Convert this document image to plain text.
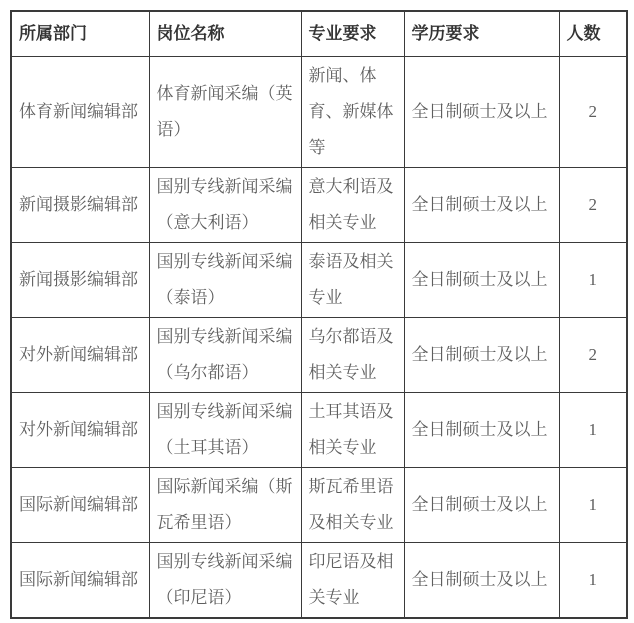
所属部门	岗位名称	专业要求	学历要求	人数
体育新闻编辑部	体育新闻采编（英语）	新闻、体育、新媒体等	全日制硕士及以上	2
新闻摄影编辑部	国别专线新闻采编（意大利语）	意大利语及相关专业	全日制硕士及以上	2
新闻摄影编辑部	国别专线新闻采编（泰语）	泰语及相关专业	全日制硕士及以上	1
对外新闻编辑部	国别专线新闻采编（乌尔都语）	乌尔都语及相关专业	全日制硕士及以上	2
对外新闻编辑部	国别专线新闻采编（土耳其语）	土耳其语及相关专业	全日制硕士及以上	1
国际新闻编辑部	国际新闻采编（斯瓦希里语）	斯瓦希里语及相关专业	全日制硕士及以上	1
国际新闻编辑部	国别专线新闻采编（印尼语）	印尼语及相关专业	全日制硕士及以上	1
